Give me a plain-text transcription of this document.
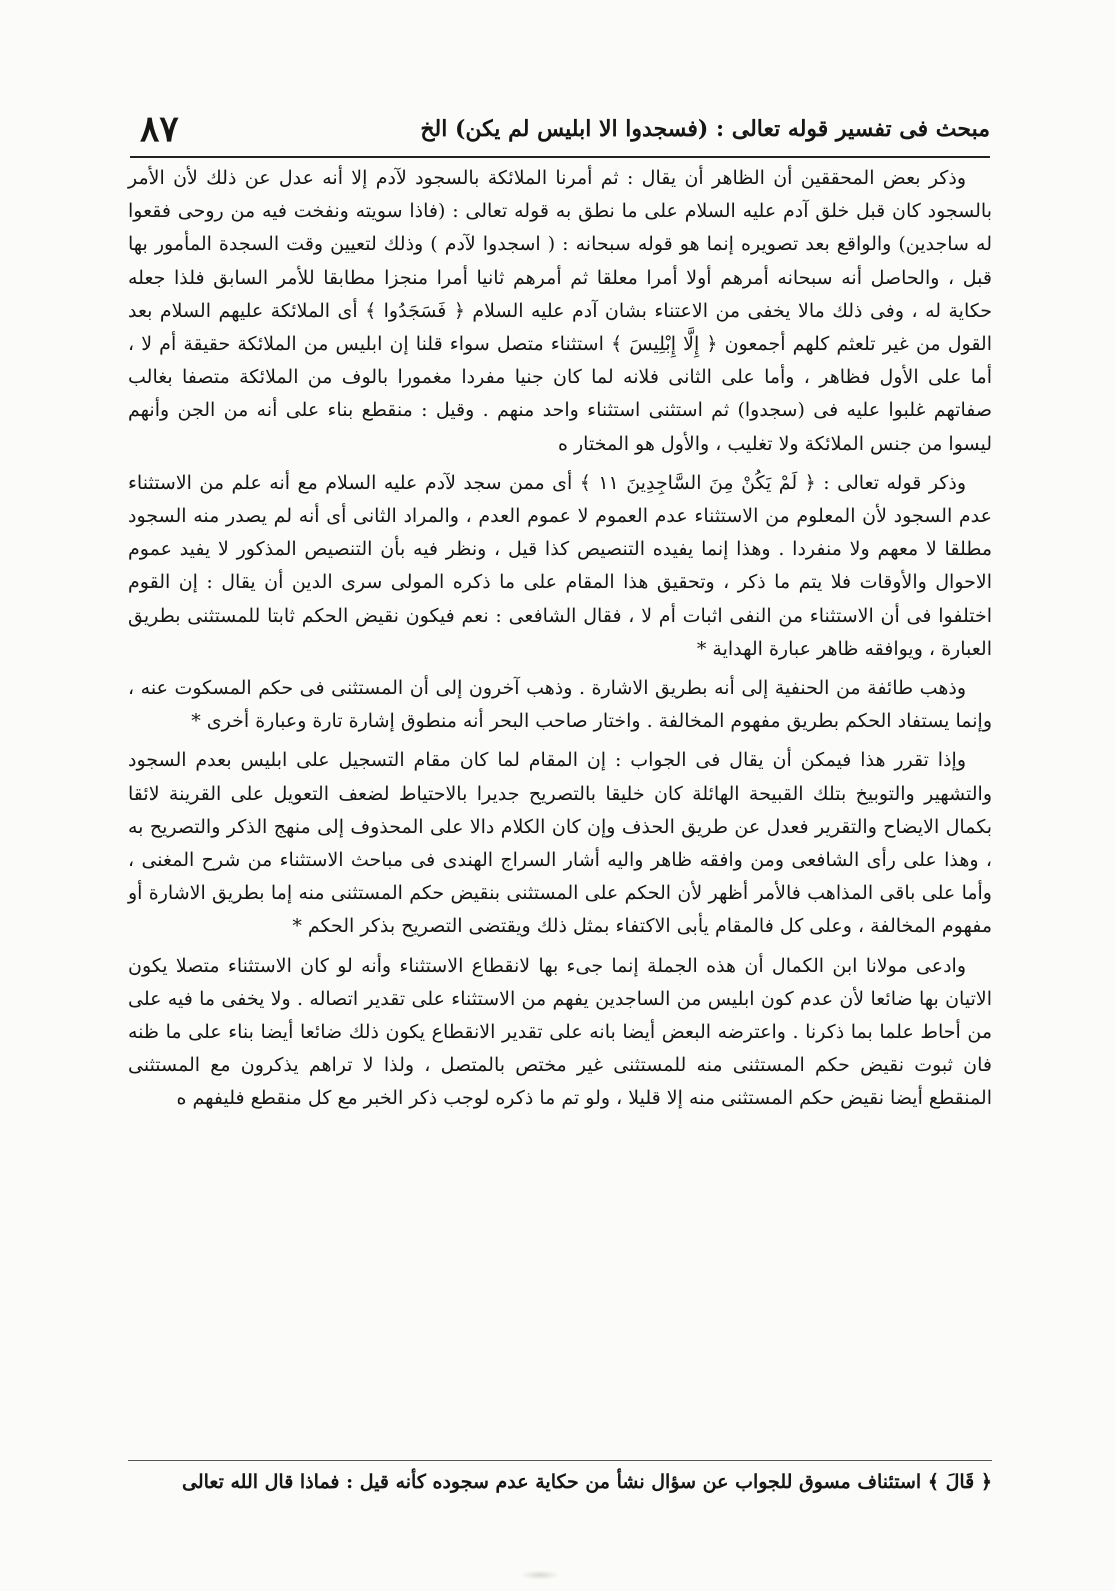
مبحث فى تفسير قوله تعالى : (فسجدوا الا ابليس لم يكن) الخ
٨٧

وذكر بعض المحققين أن الظاهر أن يقال : ثم أمرنا الملائكة بالسجود لآدم إلا أنه عدل عن ذلك لأن الأمر بالسجود كان قبل خلق آدم عليه السلام على ما نطق به قوله تعالى : (فاذا سويته ونفخت فيه من روحى فقعوا له ساجدين) والواقع بعد تصويره إنما هو قوله سبحانه : ( اسجدوا لآدم ) وذلك لتعيين وقت السجدة المأمور بها قبل ، والحاصل أنه سبحانه أمرهم أولا أمرا معلقا ثم أمرهم ثانيا أمرا منجزا مطابقا للأمر السابق فلذا جعله حكاية له ، وفى ذلك مالا يخفى من الاعتناء بشان آدم عليه السلام ﴿ فَسَجَدُوا ﴾ أى الملائكة عليهم السلام بعد القول من غير تلعثم كلهم أجمعون ﴿ إِلَّا إِبْلِيسَ ﴾ استثناء متصل سواء قلنا إن ابليس من الملائكة حقيقة أم لا ، أما على الأول فظاهر ، وأما على الثانى فلانه لما كان جنيا مفردا مغمورا بالوف من الملائكة متصفا بغالب صفاتهم غلبوا عليه فى (سجدوا) ثم استثنى استثناء واحد منهم . وقيل : منقطع بناء على أنه من الجن وأنهم ليسوا من جنس الملائكة ولا تغليب ، والأول هو المختار ه

وذكر قوله تعالى : ﴿ لَمْ يَكُنْ مِنَ السَّاجِدِينَ ١١ ﴾ أى ممن سجد لآدم عليه السلام مع أنه علم من الاستثناء عدم السجود لأن المعلوم من الاستثناء عدم العموم لا عموم العدم ، والمراد الثانى أى أنه لم يصدر منه السجود مطلقا لا معهم ولا منفردا . وهذا إنما يفيده التنصيص كذا قيل ، ونظر فيه بأن التنصيص المذكور لا يفيد عموم الاحوال والأوقات فلا يتم ما ذكر ، وتحقيق هذا المقام على ما ذكره المولى سرى الدين أن يقال : إن القوم اختلفوا فى أن الاستثناء من النفى اثبات أم لا ، فقال الشافعى : نعم فيكون نقيض الحكم ثابتا للمستثنى بطريق العبارة ، ويوافقه ظاهر عبارة الهداية *

وذهب طائفة من الحنفية إلى أنه بطريق الاشارة . وذهب آخرون إلى أن المستثنى فى حكم المسكوت عنه ، وإنما يستفاد الحكم بطريق مفهوم المخالفة . واختار صاحب البحر أنه منطوق إشارة تارة وعبارة أخرى *

وإذا تقرر هذا فيمكن أن يقال فى الجواب : إن المقام لما كان مقام التسجيل على ابليس بعدم السجود والتشهير والتوبيخ بتلك القبيحة الهائلة كان خليقا بالتصريح جديرا بالاحتياط لضعف التعويل على القرينة لائقا بكمال الايضاح والتقرير فعدل عن طريق الحذف وإن كان الكلام دالا على المحذوف إلى منهج الذكر والتصريح به ، وهذا على رأى الشافعى ومن وافقه ظاهر واليه أشار السراج الهندى فى مباحث الاستثناء من شرح المغنى ، وأما على باقى المذاهب فالأمر أظهر لأن الحكم على المستثنى بنقيض حكم المستثنى منه إما بطريق الاشارة أو مفهوم المخالفة ، وعلى كل فالمقام يأبى الاكتفاء بمثل ذلك ويقتضى التصريح بذكر الحكم *

وادعى مولانا ابن الكمال أن هذه الجملة إنما جىء بها لانقطاع الاستثناء وأنه لو كان الاستثناء متصلا يكون الاتيان بها ضائعا لأن عدم كون ابليس من الساجدين يفهم من الاستثناء على تقدير اتصاله . ولا يخفى ما فيه على من أحاط علما بما ذكرنا . واعترضه البعض أيضا بانه على تقدير الانقطاع يكون ذلك ضائعا أيضا بناء على ما ظنه فان ثبوت نقيض حكم المستثنى منه للمستثنى غير مختص بالمتصل ، ولذا لا تراهم يذكرون مع المستثنى المنقطع أيضا نقيض حكم المستثنى منه إلا قليلا ، ولو تم ما ذكره لوجب ذكر الخبر مع كل منقطع فليفهم ه

﴿ قَالَ ﴾ استئناف مسوق للجواب عن سؤال نشأ من حكاية عدم سجوده كأنه قيل : فماذا قال الله تعالى
